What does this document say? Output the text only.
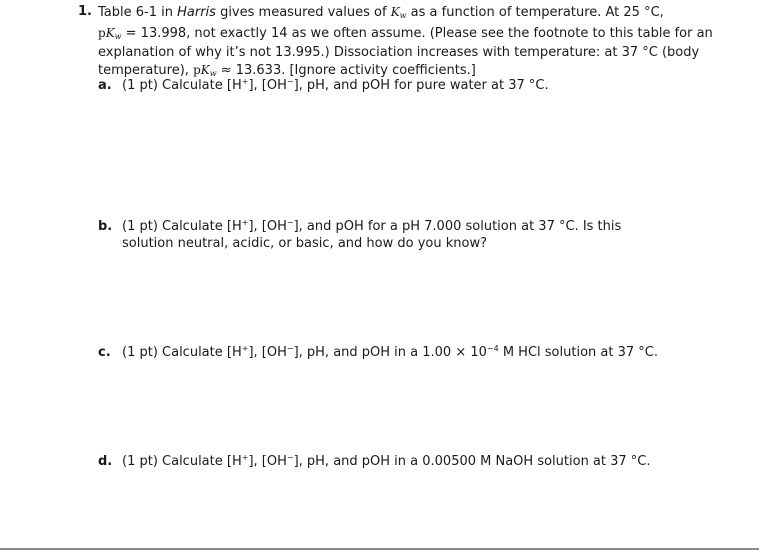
1. Table 6-1 in Harris gives measured values of $K_w$ as a function of temperature. At 25 °C,
$pK_w = 13.998$, not exactly 14 as we often assume. (Please see the footnote to this table for an explanation of why it’s not 13.995.) Dissociation increases with temperature: at 37 °C (body temperature), $pK_w \approx 13.633$. [Ignore activity coefficients.]
a. (1 pt) Calculate [H+], [OH−], pH, and pOH for pure water at 37 °C.
b. (1 pt) Calculate [H+], [OH−], and pOH for a pH 7.000 solution at 37 °C. Is this
solution neutral, acidic, or basic, and how do you know?
c. (1 pt) Calculate [H+], [OH−], pH, and pOH in a $1.00 \times 10^{-4}$ M HCl solution at 37 °C.
d. (1 pt) Calculate [H+], [OH−], pH, and pOH in a 0.00500 M NaOH solution at 37 °C.
